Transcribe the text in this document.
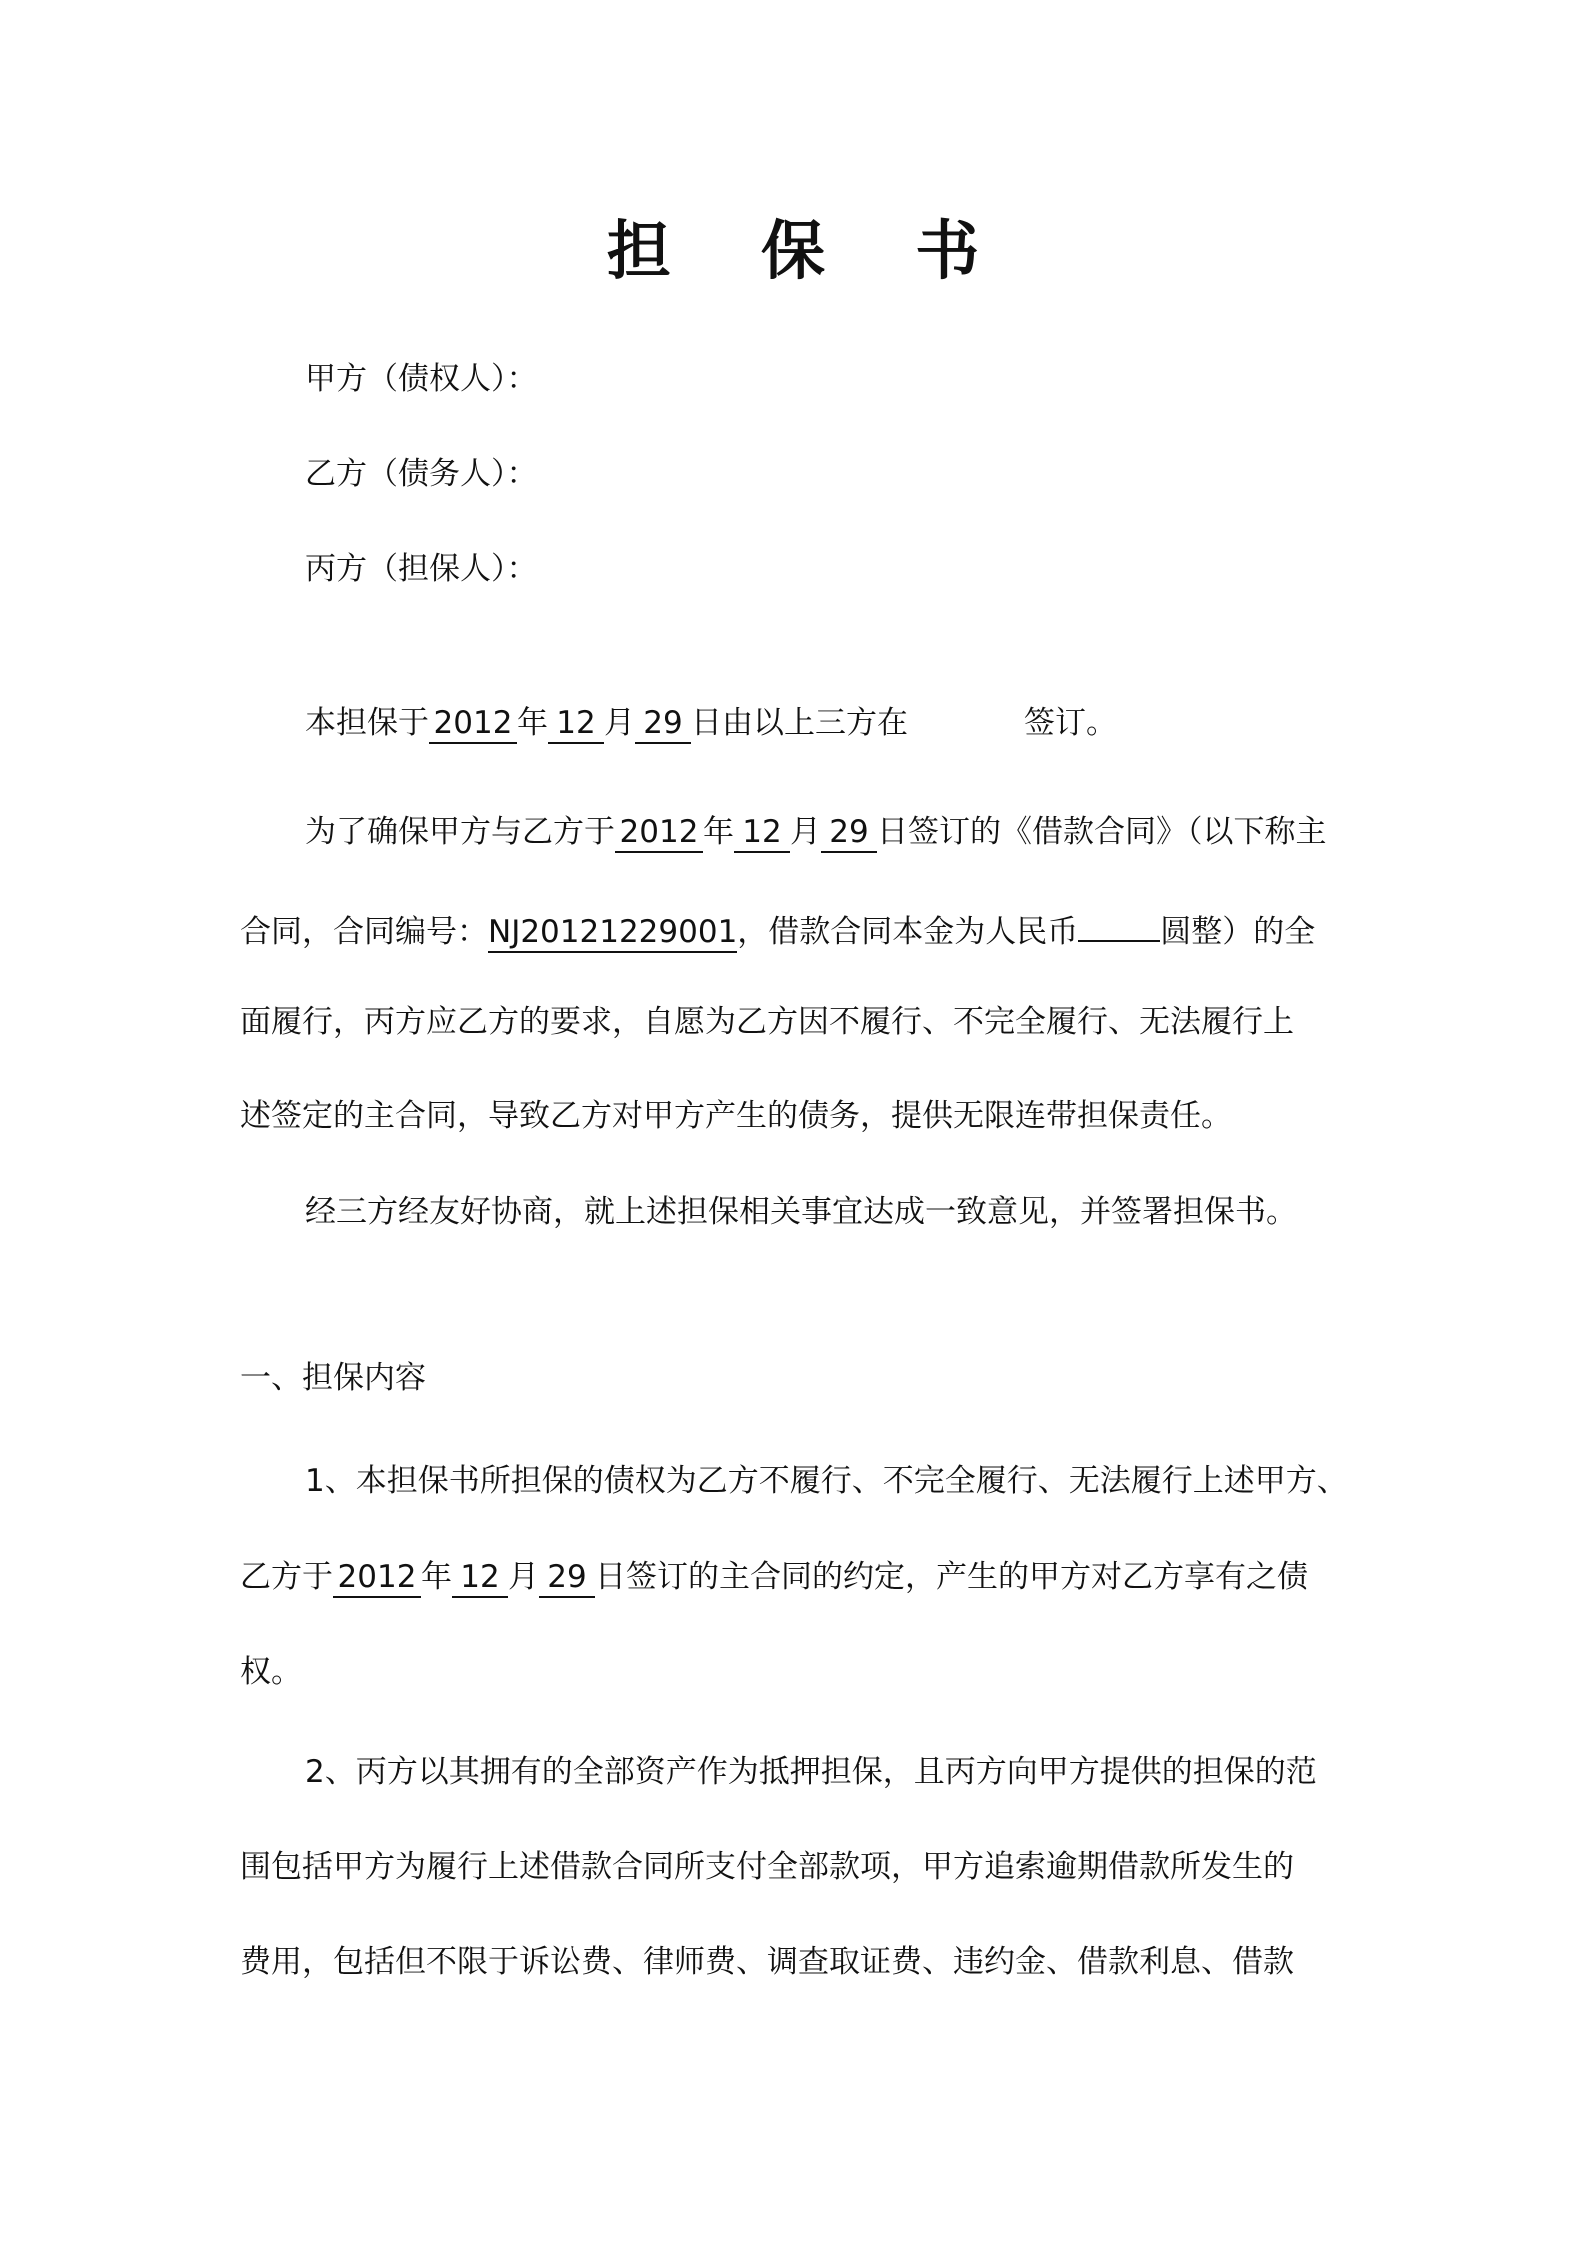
担 保 书
甲方（债权人）：
乙方（债务人）：
丙方（担保人）：
本担保于 2012 年 12 月 29 日由以上三方在	签订。
为了确保甲方与乙方于 2012 年 12 月 29 日签订的《借款合同》（以下称主
合同，合同编号：NJ20121229001，借款合同本金为人民币	圆整）的全
面履行，丙方应乙方的要求，自愿为乙方因不履行、不完全履行、无法履行上
述签定的主合同，导致乙方对甲方产生的债务，提供无限连带担保责任。
经三方经友好协商，就上述担保相关事宜达成一致意见，并签署担保书。
一、担保内容
1、本担保书所担保的债权为乙方不履行、不完全履行、无法履行上述甲方、
乙方于 2012 年 12 月 29 日签订的主合同的约定，产生的甲方对乙方享有之债
权。
2、丙方以其拥有的全部资产作为抵押担保，且丙方向甲方提供的担保的范
围包括甲方为履行上述借款合同所支付全部款项，甲方追索逾期借款所发生的
费用，包括但不限于诉讼费、律师费、调查取证费、违约金、借款利息、借款
